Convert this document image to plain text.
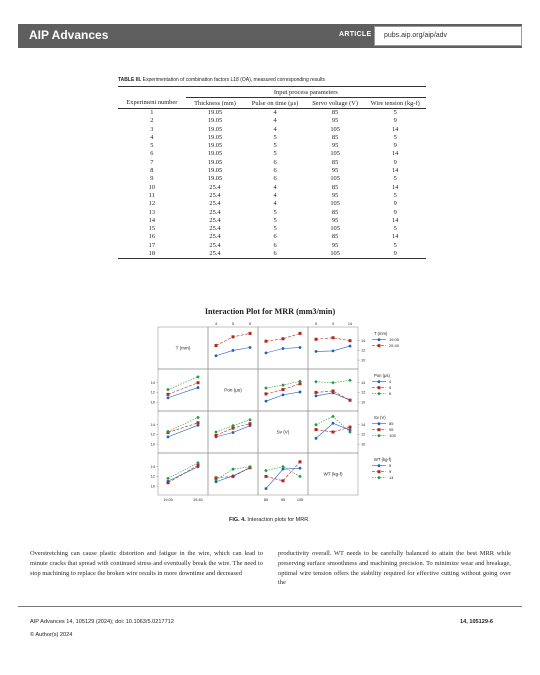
AIP Advances	ARTICLE pubs.aip.org/aip/adv
TABLE III. Experimentation of combination factors L18 (OA), measured corresponding results
	Input process parameters			
Experiment number	Thickness (mm)	Pulse on time (μs)	Servo voltage (V)	Wire tension (kg-f)
1	19.05	4	85	5
2	19.05	4	95	9
3	19.05	4	105	14
4	19.05	5	85	5
5	19.05	5	95	9
6	19.05	5	105	14
7	19.05	6	85	9
8	19.05	6	95	14
9	19.05	6	105	5
10	25.4	4	85	14
11	25.4	4	95	5
12	25.4	4	105	9
13	25.4	5	85	9
14	25.4	5	95	14
15	25.4	5	105	5
16	25.4	6	85	14
17	25.4	6	95	5
18	25.4	6	105	9
Interaction Plot for MRR (mm3/min)
T (mm)
Pon (μs)
Sv (V)
WT (kg-f)
10
12
14
10
12
14
10
12
14
10
12
14
10
12
14
10
12
14
4	5	6	5	9	14
19.05	25.40	85	95	105
T (mm)
19.05
25.40
Pon (μs)
4
5
6
Sv (V)
85
95
105
WT (kg-f)
5
9
14
FIG. 4. Interaction plots for MRR.
Overstretching can cause plastic distortion and fatigue in the wire, which can lead to minute cracks that spread with continued stress and eventually break the wire. The need to stop machining to replace the broken wire results in more downtime and decreased
productivity overall. WT needs to be carefully balanced to attain the best MRR while preserving surface smoothness and machining precision. To minimize wear and breakage, optimal wire tension offers the stability required for effective cutting without going over the
AIP Advances 14, 105129 (2024); doi: 10.1063/5.0217712
© Author(s) 2024
14, 105129-6
